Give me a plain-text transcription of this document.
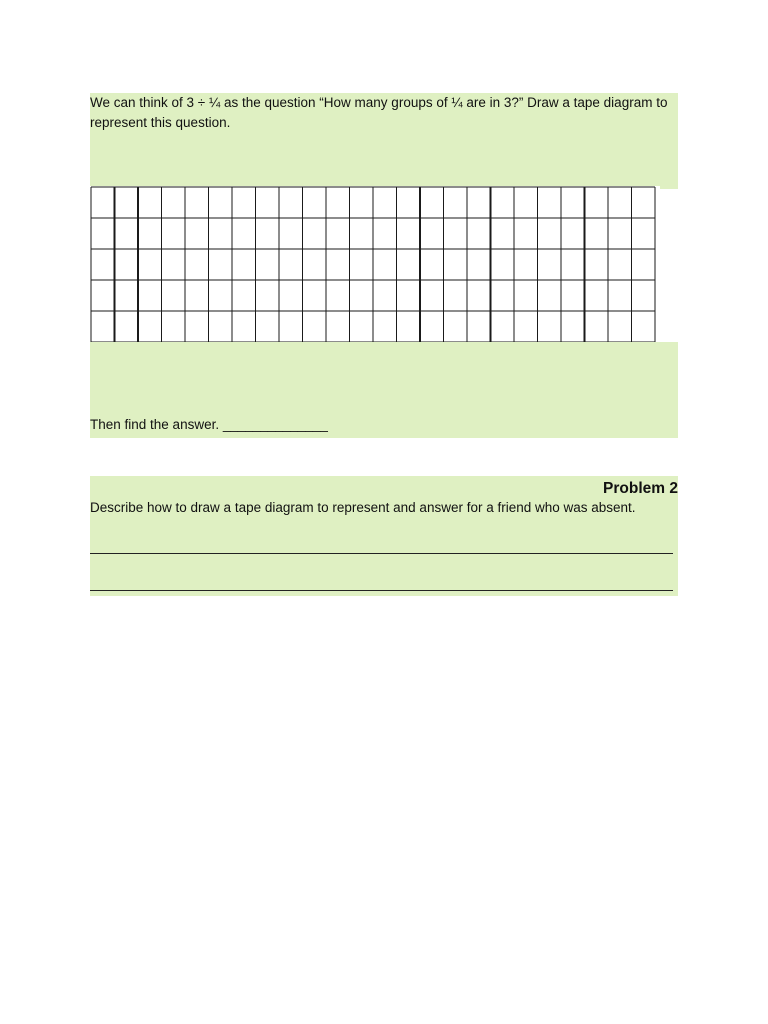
We can think of 3 ÷ ¼ as the question “How many groups of ¼ are in 3?” Draw a tape diagram to represent this question.
Then find the answer. ______________
Problem 2
Describe how to draw a tape diagram to represent and answer for a friend who was absent.
